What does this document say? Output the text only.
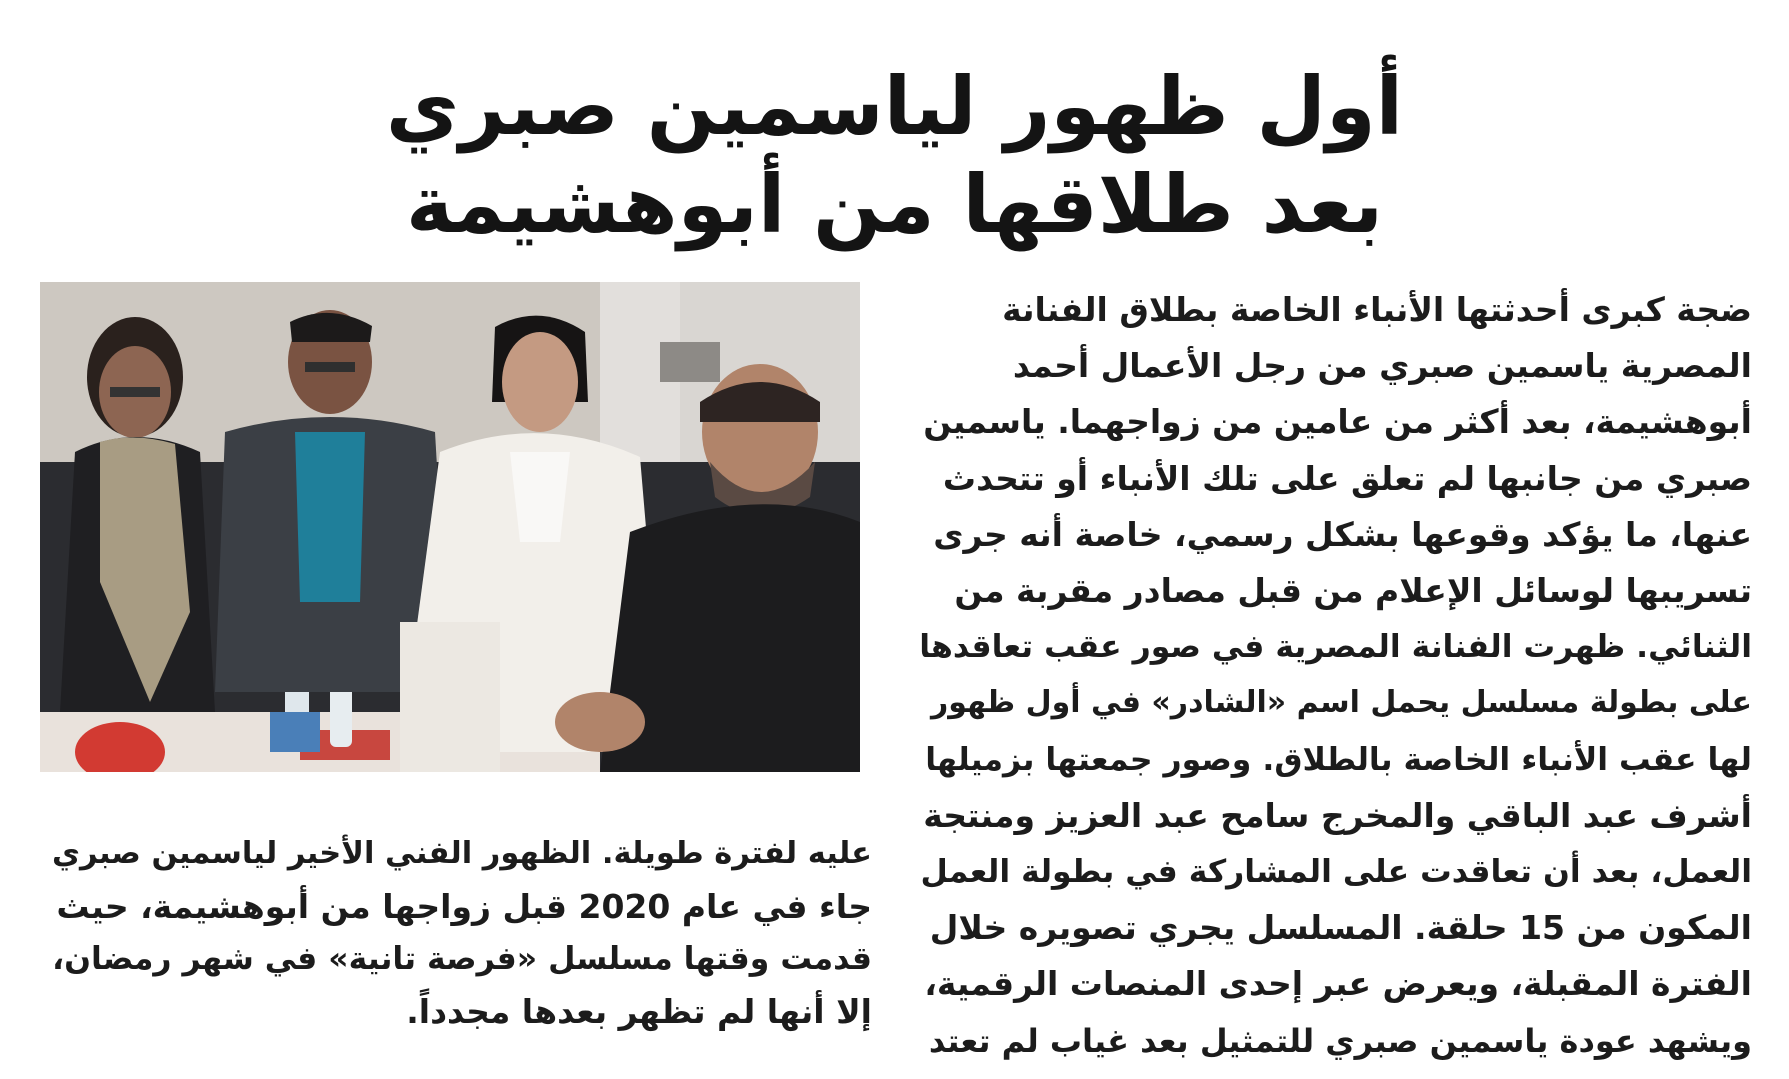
أول ظهور لياسمين صبري
بعد طلاقها من أبوهشيمة
ضجة كبرى أحدثتها الأنباء الخاصة بطلاق الفنانة
المصرية ياسمين صبري من رجل الأعمال أحمد
أبوهشيمة، بعد أكثر من عامين من زواجهما. ياسمين
صبري من جانبها لم تعلق على تلك الأنباء أو تتحدث
عنها، ما يؤكد وقوعها بشكل رسمي، خاصة أنه جرى
تسريبها لوسائل الإعلام من قبل مصادر مقربة من
الثنائي. ظهرت الفنانة المصرية في صور عقب تعاقدها
على بطولة مسلسل يحمل اسم «الشادر» في أول ظهور
لها عقب الأنباء الخاصة بالطلاق. وصور جمعتها بزميلها
أشرف عبد الباقي والمخرج سامح عبد العزيز ومنتجة
العمل، بعد أن تعاقدت على المشاركة في بطولة العمل
المكون من 15 حلقة. المسلسل يجري تصويره خلال
الفترة المقبلة، ويعرض عبر إحدى المنصات الرقمية،
ويشهد عودة ياسمين صبري للتمثيل بعد غياب لم تعتد
عليه لفترة طويلة. الظهور الفني الأخير لياسمين صبري
جاء في عام 2020 قبل زواجها من أبوهشيمة، حيث
قدمت وقتها مسلسل «فرصة تانية» في شهر رمضان،
إلا أنها لم تظهر بعدها مجدداً.
